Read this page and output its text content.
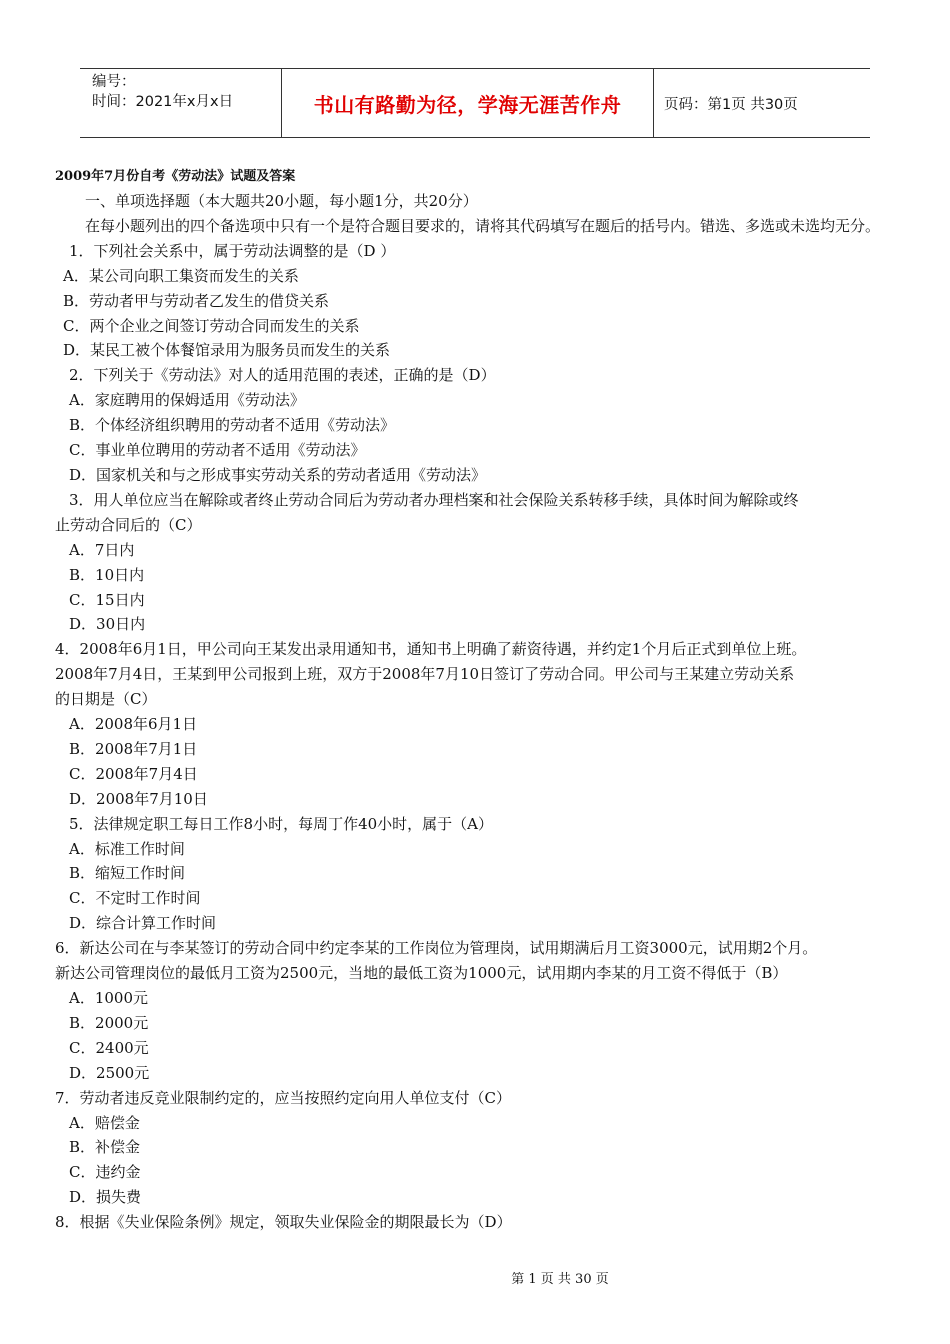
编号：
时间：2021年x月x日	书山有路勤为径，学海无涯苦作舟	页码：第1页 共30页
2009年7月份自考《劳动法》试题及答案
一、单项选择题（本大题共20小题，每小题1分，共20分）
在每小题列出的四个备选项中只有一个是符合题目要求的，请将其代码填写在题后的括号内。错选、多选或未选均无分。
1．下列社会关系中，属于劳动法调整的是（D ）
A．某公司向职工集资而发生的关系
B．劳动者甲与劳动者乙发生的借贷关系
C．两个企业之间签订劳动合同而发生的关系
D．某民工被个体餐馆录用为服务员而发生的关系
2．下列关于《劳动法》对人的适用范围的表述，正确的是（D）
A．家庭聘用的保姆适用《劳动法》
B．个体经济组织聘用的劳动者不适用《劳动法》
C．事业单位聘用的劳动者不适用《劳动法》
D．国家机关和与之形成事实劳动关系的劳动者适用《劳动法》
3．用人单位应当在解除或者终止劳动合同后为劳动者办理档案和社会保险关系转移手续，具体时间为解除或终
止劳动合同后的（C）
A．7日内
B．10日内
C．15日内
D．30日内
4．2008年6月1日，甲公司向王某发出录用通知书，通知书上明确了薪资待遇，并约定1个月后正式到单位上班。
2008年7月4日，王某到甲公司报到上班，双方于2008年7月10日签订了劳动合同。甲公司与王某建立劳动关系
的日期是（C）
A．2008年6月1日
B．2008年7月1日
C．2008年7月4日
D．2008年7月10日
5．法律规定职工每日工作8小时，每周丁作40小时，属于（A）
A．标准工作时间
B．缩短工作时间
C．不定时工作时间
D．综合计算工作时间
6．新达公司在与李某签订的劳动合同中约定李某的工作岗位为管理岗，试用期满后月工资3000元，试用期2个月。
新达公司管理岗位的最低月工资为2500元，当地的最低工资为1000元，试用期内李某的月工资不得低于（B）
A．1000元
B．2000元
C．2400元
D．2500元
7．劳动者违反竞业限制约定的，应当按照约定向用人单位支付（C）
A．赔偿金
B．补偿金
C．违约金
D．损失费
8．根据《失业保险条例》规定，领取失业保险金的期限最长为（D）
第 1 页 共 30 页
